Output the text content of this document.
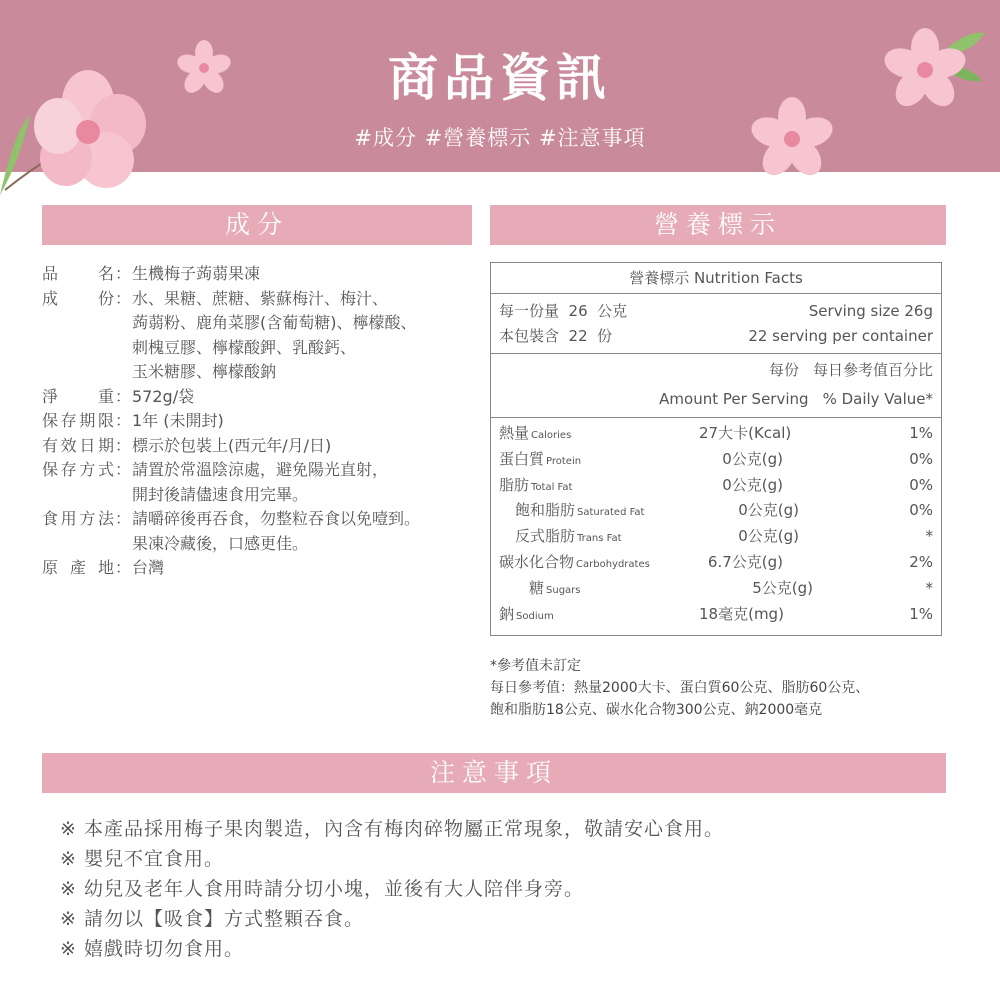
商品資訊
#成分 #營養標示 #注意事項
成分	營養標示
注意事項
品名 ： 生機梅子蒟蒻果凍
成份 ： 水、果糖、蔗糖、紫蘇梅汁、梅汁、
蒟蒻粉、鹿角菜膠(含葡萄糖)、檸檬酸、
刺槐豆膠、檸檬酸鉀、乳酸鈣、
玉米糖膠、檸檬酸鈉
淨重 ： 572g/袋
保存期限 ： 1年 (未開封)
有效日期 ： 標示於包裝上(西元年/月/日)
保存方式 ： 請置於常溫陰涼處，避免陽光直射，
開封後請儘速食用完畢。
食用方法 ： 請嚼碎後再吞食，勿整粒吞食以免噎到。
果凍冷藏後，口感更佳。
原產地 ： 台灣
營養標示 Nutrition Facts
每一份量  26  公克	Serving size 26g
本包裝含  22  份	22 serving per container
每份 每日參考值百分比
Amount Per Serving % Daily Value*
熱量 Calories	27大卡(Kcal)	1%
蛋白質 Protein	0公克(g)	0%
脂肪 Total Fat	0公克(g)	0%
飽和脂肪 Saturated Fat	0公克(g)	0%
反式脂肪 Trans Fat	0公克(g)	*
碳水化合物 Carbohydrates	6.7公克(g)	2%
糖 Sugars	5公克(g)	*
鈉 Sodium	18毫克(mg)	1%
*參考值未訂定
每日參考值：熱量2000大卡、蛋白質60公克、脂肪60公克、
飽和脂肪18公克、碳水化合物300公克、鈉2000毫克
※ 本產品採用梅子果肉製造，內含有梅肉碎物屬正常現象，敬請安心食用。
※ 嬰兒不宜食用。
※ 幼兒及老年人食用時請分切小塊，並後有大人陪伴身旁。
※ 請勿以【吸食】方式整顆吞食。
※ 嬉戲時切勿食用。
